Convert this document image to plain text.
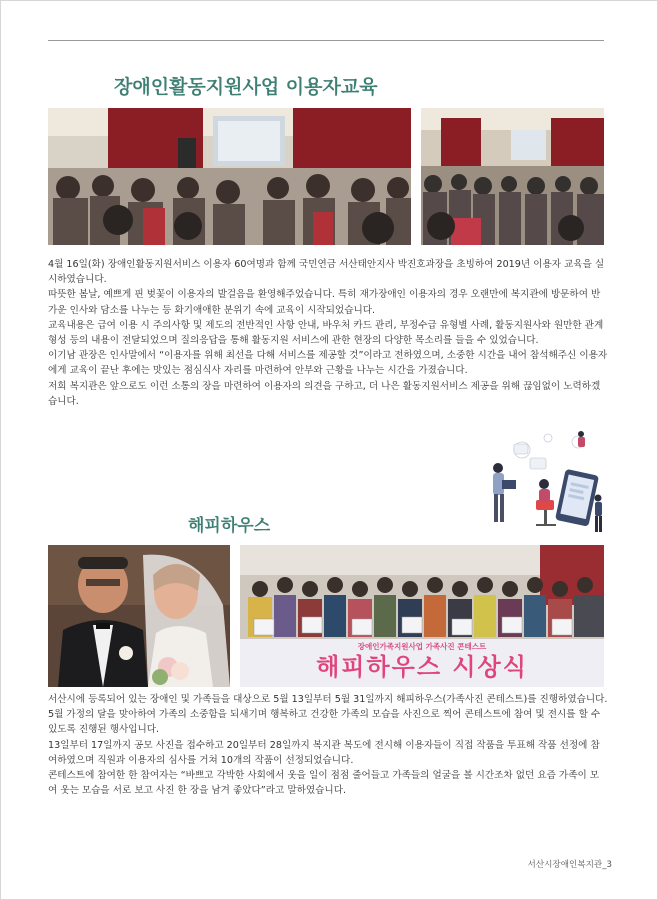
장애인활동지원사업 이용자교육

4월 16일(화) 장애인활동지원서비스 이용자 60여명과 함께 국민연금 서산태안지사 박진호과장을 초빙하여 2019년 이용자 교육을 실시하였습니다.

따뜻한 봄날, 예쁘게 핀 벚꽃이 이용자의 발걸음을 환영해주었습니다. 특히 재가장애인 이용자의 경우 오랜만에 복지관에 방문하여 반가운 인사와 담소를 나누는 등 화기애애한 분위기 속에 교육이 시작되었습니다.

교육내용은 급여 이용 시 주의사항 및 제도의 전반적인 사항 안내, 바우처 카드 관리, 부정수급 유형별 사례, 활동지원사와 원만한 관계 형성 등의 내용이 전달되었으며 질의응답을 통해 활동지원 서비스에 관한 현장의 다양한 목소리를 들을 수 있었습니다.

이기남 관장은 인사말에서 “이용자를 위해 최선을 다해 서비스를 제공할 것”이라고 전하였으며, 소중한 시간을 내어 참석해주신 이용자에게 교육이 끝난 후에는 맛있는 점심식사 자리를 마련하여 안부와 근황을 나누는 시간을 가졌습니다.

저희 복지관은 앞으로도 이런 소통의 장을 마련하여 이용자의 의견을 구하고, 더 나은 활동지원서비스 제공을 위해 끊임없이 노력하겠습니다.

해피하우스
장애인가족지원사업 가족사진 콘테스트
해피하우스 시상식

서산시에 등록되어 있는 장애인 및 가족들을 대상으로 5월 13일부터 5월 31일까지 해피하우스(가족사진 콘테스트)를 진행하였습니다.

5월 가정의 달을 맞아하여 가족의 소중함을 되새기며 행복하고 건강한 가족의 모습을 사진으로 찍어 콘테스트에 참여 및 전시를 할 수 있도록 진행된 행사입니다.

13일부터 17일까지 공모 사진을 접수하고 20일부터 28일까지 복지관 복도에 전시해 이용자들이 직접 작품을 투표해 작품 선정에 참여하였으며 직원과 이용자의 심사를 거쳐 10개의 작품이 선정되었습니다.

콘테스트에 참여한 한 참여자는 “바쁘고 각박한 사회에서 웃을 일이 점점 줄어들고 가족들의 얼굴을 볼 시간조차 없던 요즘 가족이 모여 웃는 모습을 서로 보고 사진 한 장을 남겨 좋았다”라고 말하였습니다.

서산시장애인복지관_3
